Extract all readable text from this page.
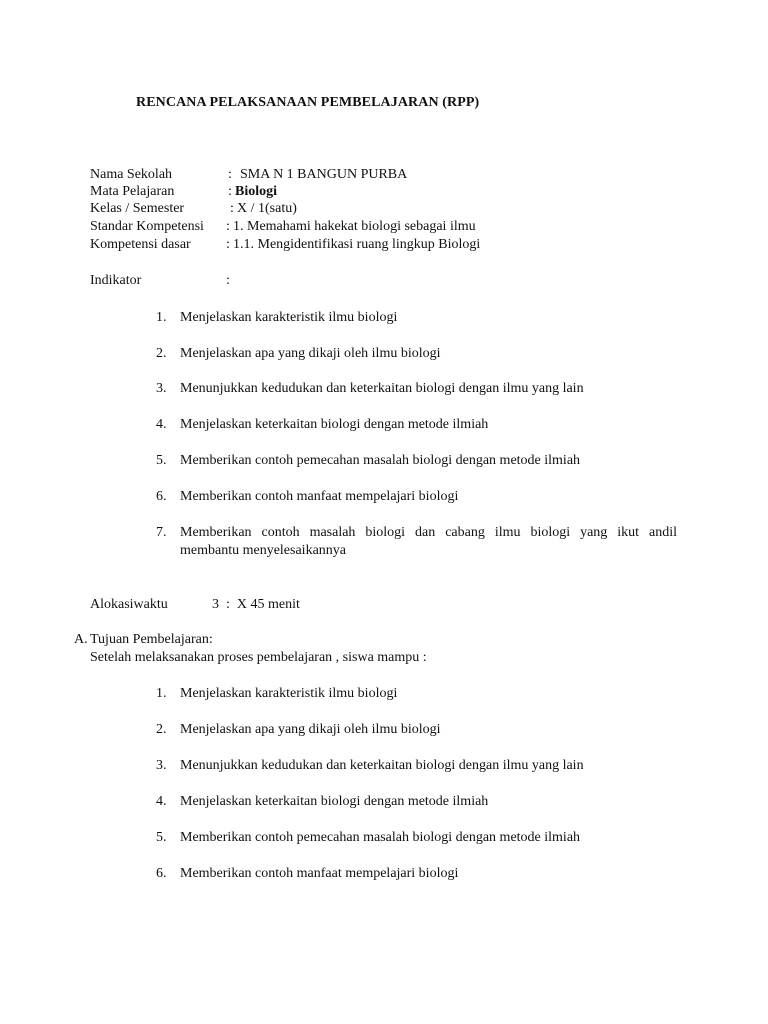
RENCANA PELAKSANAAN PEMBELAJARAN (RPP)
Nama Sekolah	: SMA N 1 BANGUN PURBA
Mata Pelajaran	: Biologi
Kelas / Semester	: X / 1(satu)
Standar Kompetensi : 1. Memahami hakekat biologi sebagai ilmu
Kompetensi dasar	: 1.1. Mengidentifikasi ruang lingkup Biologi
Indikator	:
1. Menjelaskan karakteristik ilmu biologi
2. Menjelaskan apa yang dikaji oleh ilmu biologi
3. Menunjukkan kedudukan dan keterkaitan biologi dengan ilmu yang lain
4. Menjelaskan keterkaitan biologi dengan metode ilmiah
5. Memberikan contoh pemecahan masalah biologi dengan metode ilmiah
6. Memberikan contoh manfaat mempelajari biologi
7. Memberikan contoh masalah biologi dan cabang ilmu biologi yang ikut andil
membantu menyelesaikannya
Alokasiwaktu	3  :  X 45 menit
A. Tujuan Pembelajaran:
Setelah melaksanakan proses pembelajaran , siswa mampu :
1. Menjelaskan karakteristik ilmu biologi
2. Menjelaskan apa yang dikaji oleh ilmu biologi
3. Menunjukkan kedudukan dan keterkaitan biologi dengan ilmu yang lain
4. Menjelaskan keterkaitan biologi dengan metode ilmiah
5. Memberikan contoh pemecahan masalah biologi dengan metode ilmiah
6. Memberikan contoh manfaat mempelajari biologi
